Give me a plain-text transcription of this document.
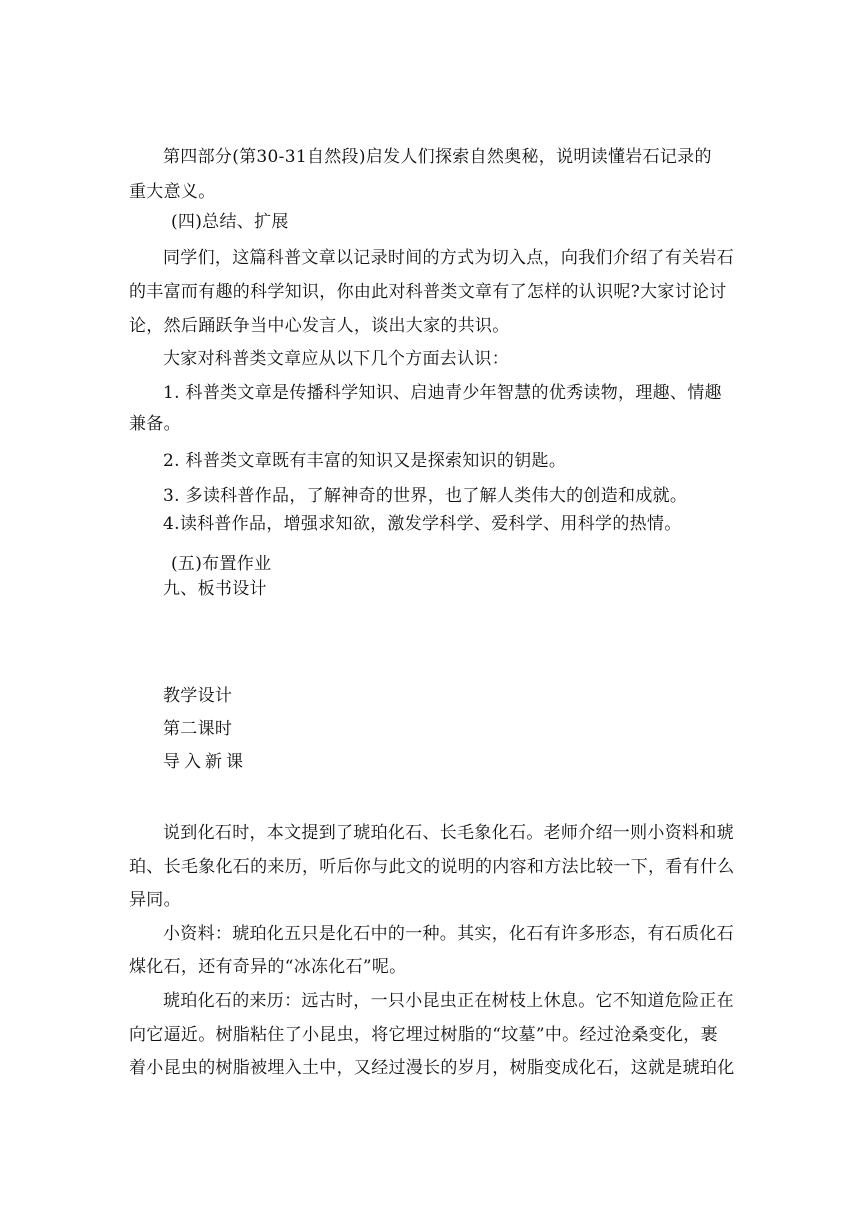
第四部分(第30-31自然段)启发人们探索自然奥秘，说明读懂岩石记录的
重大意义。
(四)总结、扩展
同学们，这篇科普文章以记录时间的方式为切入点，向我们介绍了有关岩石
的丰富而有趣的科学知识，你由此对科普类文章有了怎样的认识呢?大家讨论讨
论，然后踊跃争当中心发言人，谈出大家的共识。
大家对科普类文章应从以下几个方面去认识：
1. 科普类文章是传播科学知识、启迪青少年智慧的优秀读物，理趣、情趣
兼备。
2. 科普类文章既有丰富的知识又是探索知识的钥匙。
3. 多读科普作品，了解神奇的世界，也了解人类伟大的创造和成就。
4.读科普作品，增强求知欲，激发学科学、爱科学、用科学的热情。
(五)布置作业
九、板书设计
教学设计
第二课时
导入新课
说到化石时，本文提到了琥珀化石、长毛象化石。老师介绍一则小资料和琥
珀、长毛象化石的来历，听后你与此文的说明的内容和方法比较一下，看有什么
异同。
小资料：琥珀化五只是化石中的一种。其实，化石有许多形态，有石质化石
煤化石，还有奇异的“冰冻化石”呢。
琥珀化石的来历：远古时，一只小昆虫正在树枝上休息。它不知道危险正在
向它逼近。树脂粘住了小昆虫，将它埋过树脂的“坟墓”中。经过沧桑变化，裹
着小昆虫的树脂被埋入土中，又经过漫长的岁月，树脂变成化石，这就是琥珀化
